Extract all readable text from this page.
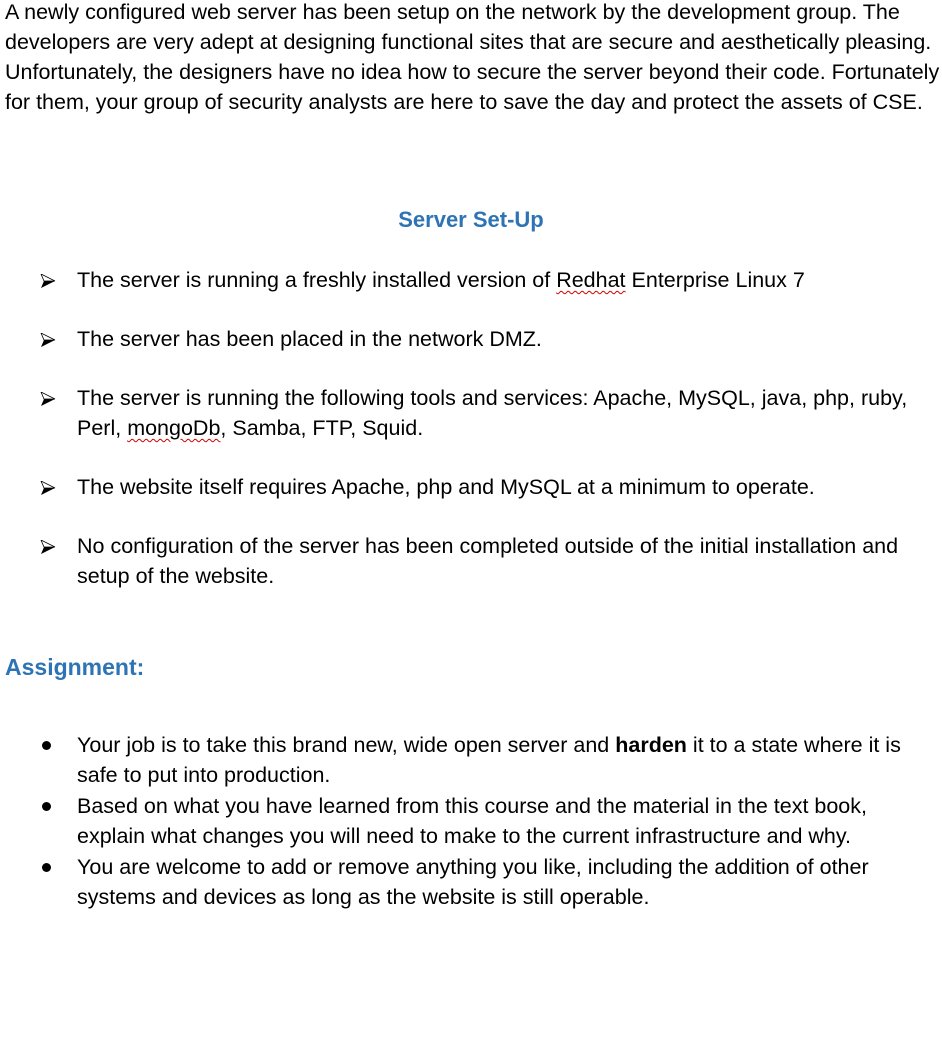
A newly configured web server has been setup on the network by the development group. The developers are very adept at designing functional sites that are secure and aesthetically pleasing. Unfortunately, the designers have no idea how to secure the server beyond their code. Fortunately for them, your group of security analysts are here to save the day and protect the assets of CSE.

Server Set-Up
The server is running a freshly installed version of Redhat Enterprise Linux 7
The server has been placed in the network DMZ.
The server is running the following tools and services: Apache, MySQL, java, php, ruby, Perl, mongoDb, Samba, FTP, Squid.
The website itself requires Apache, php and MySQL at a minimum to operate.
No configuration of the server has been completed outside of the initial installation and setup of the website.
Assignment:
Your job is to take this brand new, wide open server and harden it to a state where it is safe to put into production.
Based on what you have learned from this course and the material in the text book, explain what changes you will need to make to the current infrastructure and why.
You are welcome to add or remove anything you like, including the addition of other systems and devices as long as the website is still operable.
